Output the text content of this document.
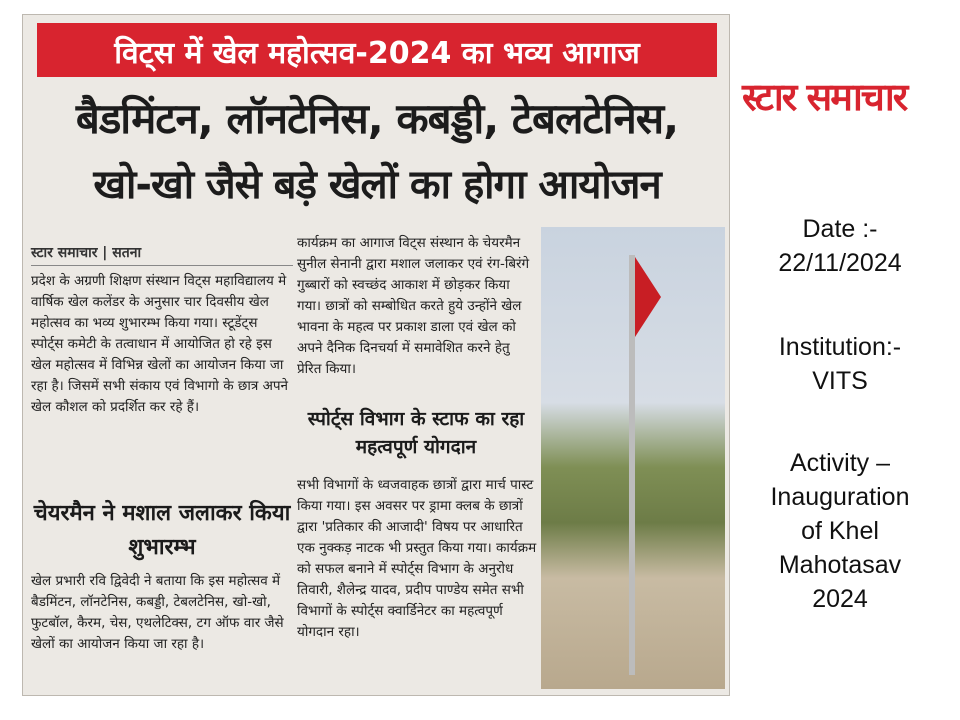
विट्स में खेल महोत्सव-2024 का भव्य आगाज
बैडमिंटन, लॉनटेनिस, कबड्डी, टेबलटेनिस,
खो-खो जैसे बड़े खेलों का होगा आयोजन
स्टार समाचार | सतना
प्रदेश के अग्रणी शिक्षण संस्थान विट्स महाविद्यालय मे वार्षिक खेल कलेंडर के अनुसार चार दिवसीय खेल महोत्सव का भव्य शुभारम्भ किया गया। स्टूडेंट्स स्पोर्ट्स कमेटी के तत्वाधान में आयोजित हो रहे इस खेल महोत्सव में विभिन्न खेलों का आयोजन किया जा रहा है। जिसमें सभी संकाय एवं विभागो के छात्र अपने खेल कौशल को प्रदर्शित कर रहे हैं।
चेयरमैन ने मशाल जलाकर किया शुभारम्भ
खेल प्रभारी रवि द्विवेदी ने बताया कि इस महोत्सव में बैडमिंटन, लॉनटेनिस, कबड्डी, टेबलटेनिस, खो-खो, फुटबॉल, कैरम, चेस, एथलेटिक्स, टग ऑफ वार जैसे खेलों का आयोजन किया जा रहा है।
कार्यक्रम का आगाज विट्स संस्थान के चेयरमैन सुनील सेनानी द्वारा मशाल जलाकर एवं रंग-बिरंगे गुब्बारों को स्वच्छंद आकाश में छोड़कर किया गया। छात्रों को सम्बोधित करते हुये उन्होंने खेल भावना के महत्व पर प्रकाश डाला एवं खेल को अपने दैनिक दिनचर्या में समावेशित करने हेतु प्रेरित किया।
स्पोर्ट्स विभाग के स्टाफ का रहा महत्वपूर्ण योगदान
सभी विभागों के ध्वजवाहक छात्रों द्वारा मार्च पास्ट किया गया। इस अवसर पर ड्रामा क्लब के छात्रों द्वारा 'प्रतिकार की आजादी' विषय पर आधारित एक नुक्कड़ नाटक भी प्रस्तुत किया गया। कार्यक्रम को सफल बनाने में स्पोर्ट्स विभाग के अनुरोध तिवारी, शैलेन्द्र यादव, प्रदीप पाण्डेय समेत सभी विभागों के स्पोर्ट्स क्वार्डिनेटर का महत्वपूर्ण योगदान रहा।
स्टार समाचार
Date :-
22/11/2024
Institution:-
VITS
Activity –
Inauguration
of Khel
Mahotasav
2024
